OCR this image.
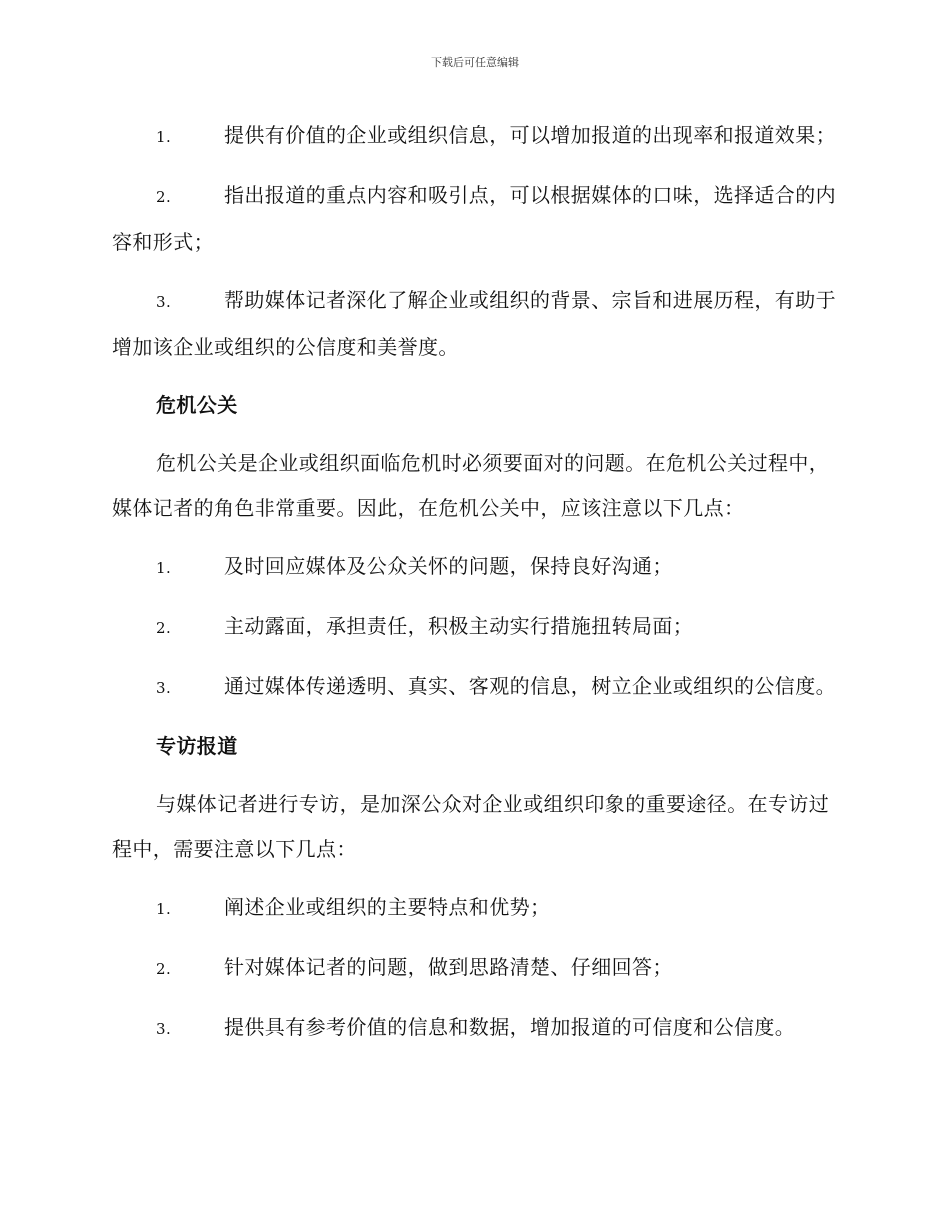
下载后可任意编辑
1.	提供有价值的企业或组织信息，可以增加报道的出现率和报道效果；
2.	指出报道的重点内容和吸引点，可以根据媒体的口味，选择适合的内容和形式；
3.	帮助媒体记者深化了解企业或组织的背景、宗旨和进展历程，有助于增加该企业或组织的公信度和美誉度。
危机公关
危机公关是企业或组织面临危机时必须要面对的问题。在危机公关过程中，媒体记者的角色非常重要。因此，在危机公关中，应该注意以下几点：
1.	及时回应媒体及公众关怀的问题，保持良好沟通；
2.	主动露面，承担责任，积极主动实行措施扭转局面；
3.	通过媒体传递透明、真实、客观的信息，树立企业或组织的公信度。
专访报道
与媒体记者进行专访，是加深公众对企业或组织印象的重要途径。在专访过程中，需要注意以下几点：
1.	阐述企业或组织的主要特点和优势；
2.	针对媒体记者的问题，做到思路清楚、仔细回答；
3.	提供具有参考价值的信息和数据，增加报道的可信度和公信度。
